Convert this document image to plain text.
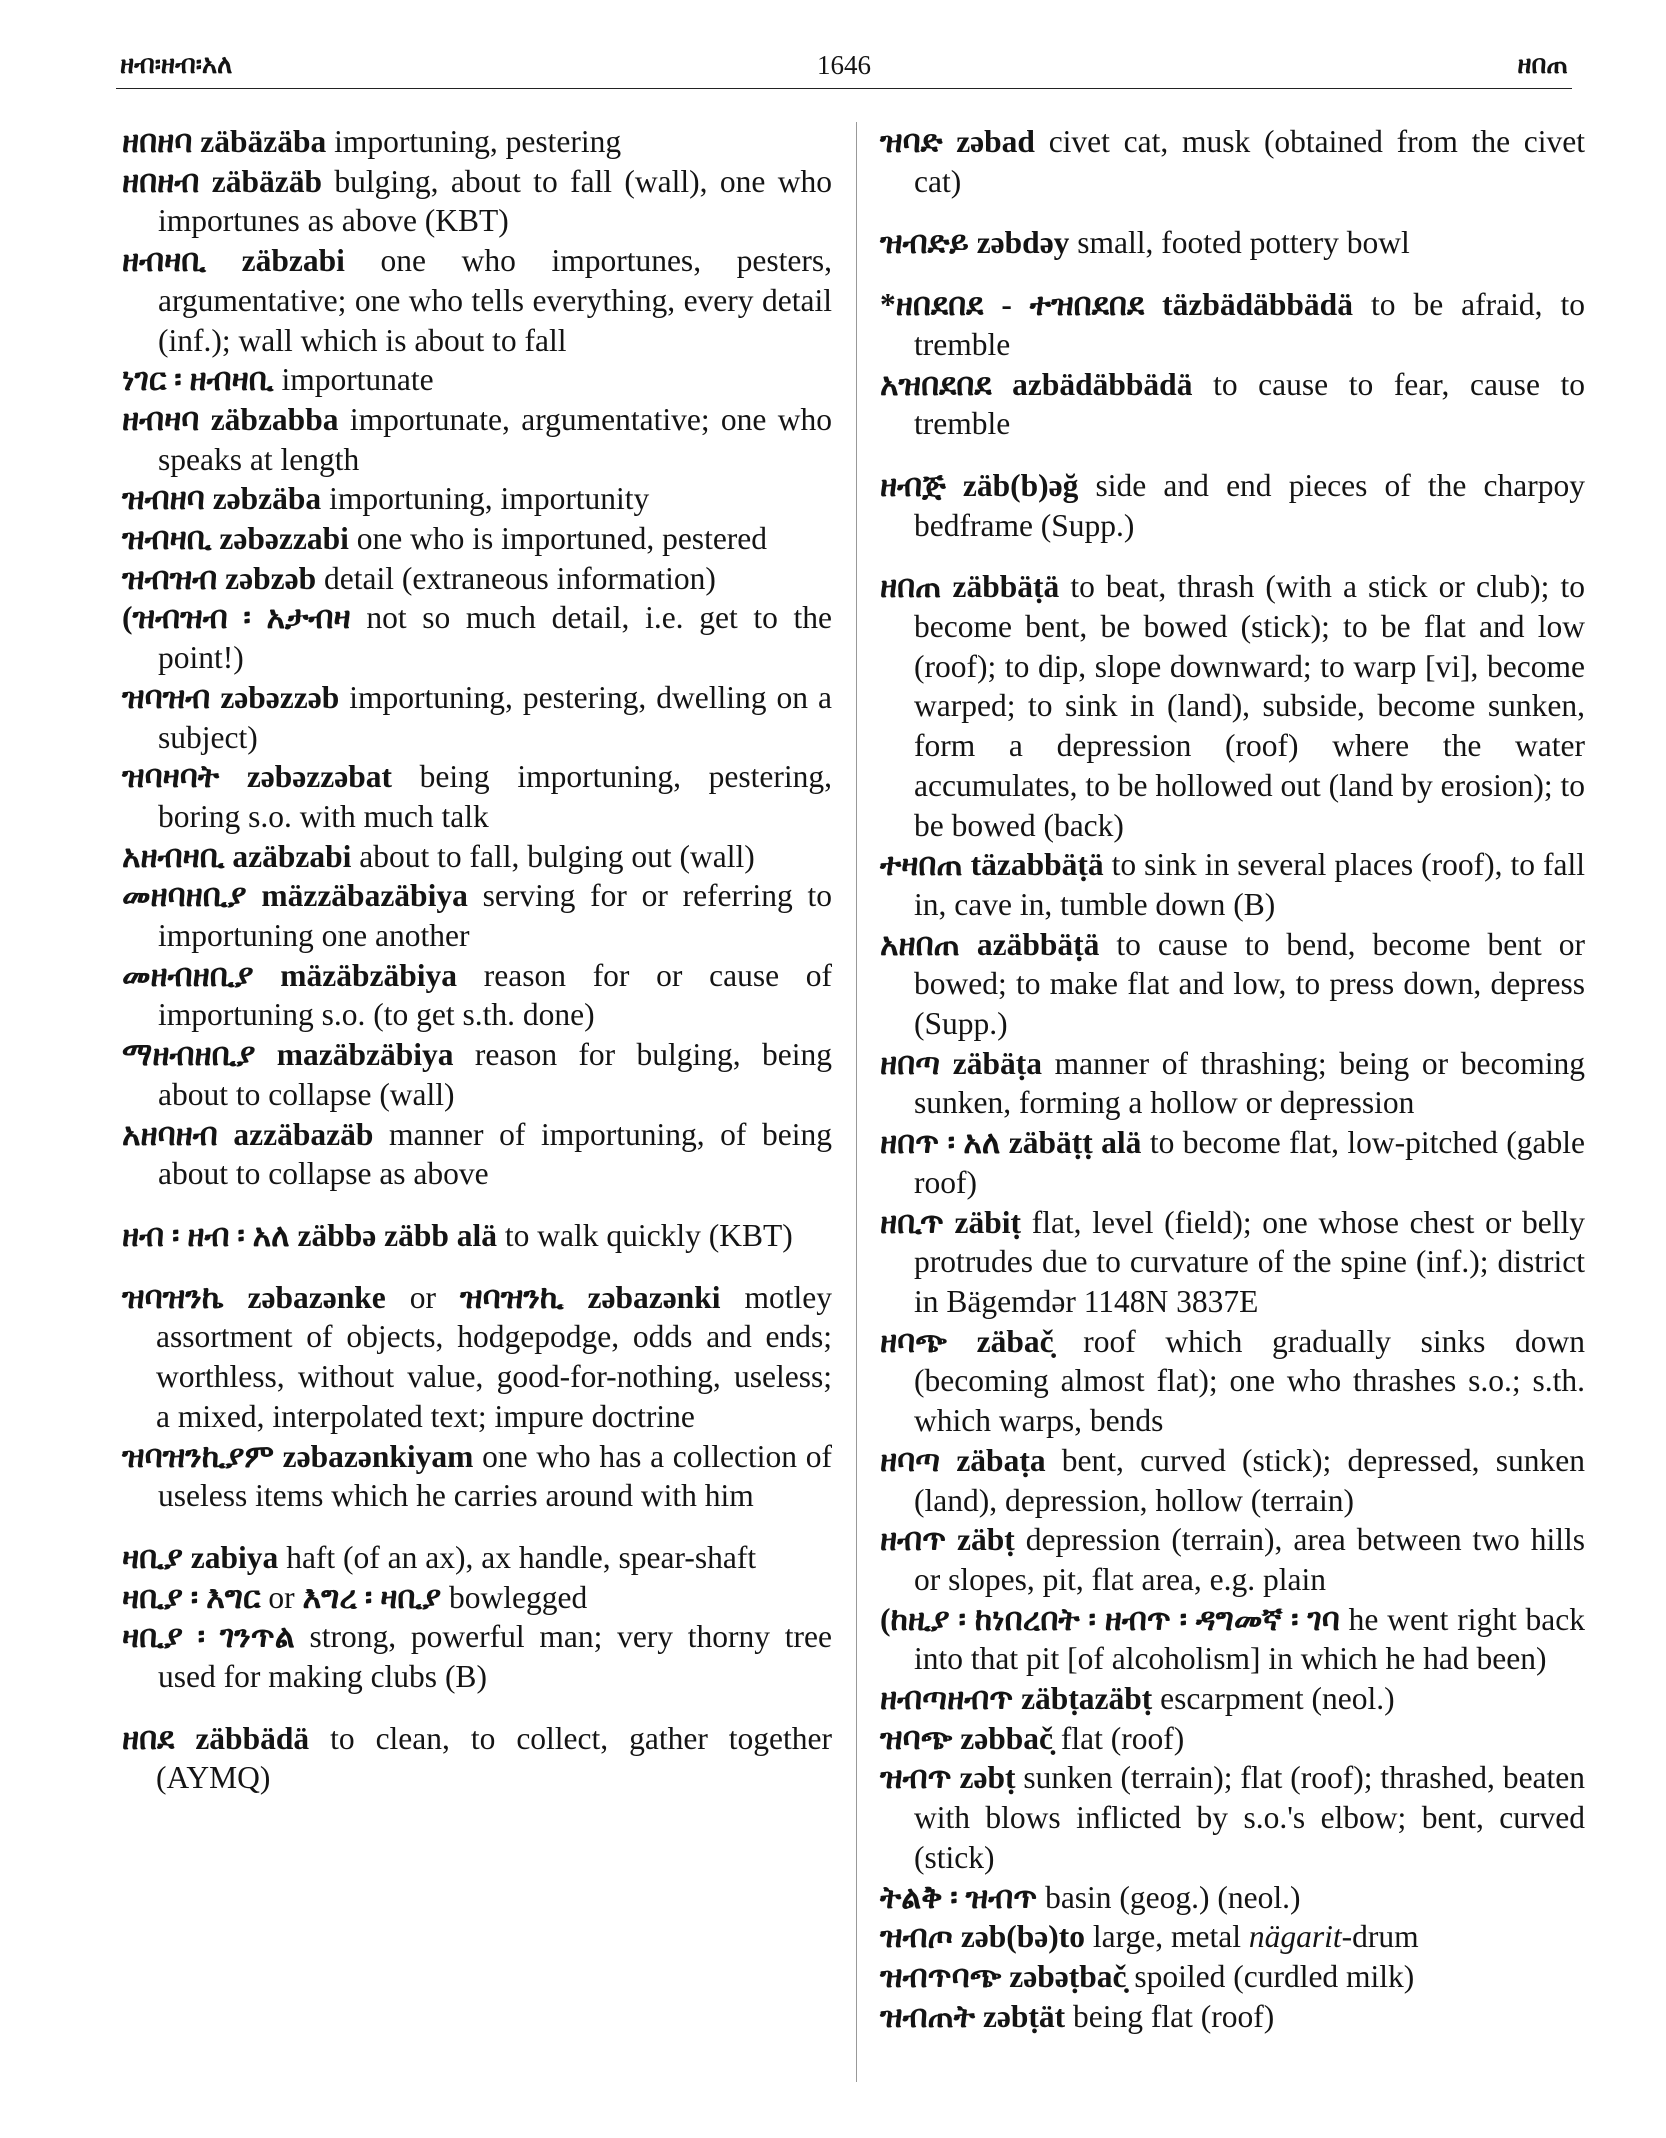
ዘብ፡ዘብ፡አለ	1646	ዘበጠ

ዘበዘባ zäbäzäba importuning, pestering

ዘበዘብ zäbäzäb bulging, about to fall (wall), one who importunes as above (KBT)

ዘብዛቢ zäbzabi one who importunes, pesters, argumentative; one who tells everything, every detail (inf.); wall which is about to fall

ነገር ፡ ዘብዛቢ importunate

ዘብዛባ zäbzabba importunate, argumentative; one who speaks at length

ዝብዘባ zəbzäba importuning, importunity

ዝብዛቢ zəbəzzabi one who is importuned, pestered

ዝብዝብ zəbzəb detail (extraneous information)

(ዝብዝብ ፡ አታብዛ not so much detail, i.e. get to the point!)

ዝባዝብ zəbəzzəb importuning, pestering, dwelling on a subject)

ዝባዛባት zəbəzzəbat being importuning, pestering, boring s.o. with much talk

አዘብዛቢ azäbzabi about to fall, bulging out (wall)

መዘባዘቢያ mäzzäbazäbiya serving for or referring to importuning one another

መዘብዘቢያ mäzäbzäbiya reason for or cause of importuning s.o. (to get s.th. done)

ማዘብዘቢያ mazäbzäbiya reason for bulging, being about to collapse (wall)

አዘባዘብ azzäbazäb manner of importuning, of being about to collapse as above

ዘብ ፡ ዘብ ፡ አለ zäbbə zäbb alä to walk quickly (KBT)

ዝባዝንኬ zəbazənke or ዝባዝንኪ zəbazənki motley assortment of objects, hodgepodge, odds and ends; worthless, without value, good-for-nothing, useless; a mixed, interpolated text; impure doctrine

ዝባዝንኪያም zəbazənkiyam one who has a collection of useless items which he carries around with him

ዛቢያ zabiya haft (of an ax), ax handle, spear-shaft

ዛቢያ ፡ እግር or እግረ ፡ ዛቢያ bowlegged

ዛቢያ ፡ ገንጥል strong, powerful man; very thorny tree used for making clubs (B)

ዘበደ zäbbädä to clean, to collect, gather together (AYMQ)

ዝባድ zəbad civet cat, musk (obtained from the civet cat)

ዝብድይ zəbdəy small, footed pottery bowl

*ዘበደበደ - ተዝበደበደ täzbädäbbädä to be afraid, to tremble

አዝበደበደ azbädäbbädä to cause to fear, cause to tremble

ዘብጅ zäb(b)əğ side and end pieces of the charpoy bedframe (Supp.)

ዘበጠ zäbbäṭä to beat, thrash (with a stick or club); to become bent, be bowed (stick); to be flat and low (roof); to dip, slope downward; to warp [vi], become warped; to sink in (land), subside, become sunken, form a depression (roof) where the water accumulates, to be hollowed out (land by erosion); to be bowed (back)

ተዛበጠ täzabbäṭä to sink in several places (roof), to fall in, cave in, tumble down (B)

አዘበጠ azäbbäṭä to cause to bend, become bent or bowed; to make flat and low, to press down, depress (Supp.)

ዘበጣ zäbäṭa manner of thrashing; being or becoming sunken, forming a hollow or depression

ዘበጥ ፡ አለ zäbäṭṭ alä to become flat, low-pitched (gable roof)

ዘቢጥ zäbiṭ flat, level (field); one whose chest or belly protrudes due to curvature of the spine (inf.); district in Bägemdər 1148N 3837E

ዘባጭ zäbač̣ roof which gradually sinks down (becoming almost flat); one who thrashes s.o.; s.th. which warps, bends

ዘባጣ zäbaṭa bent, curved (stick); depressed, sunken (land), depression, hollow (terrain)

ዘብጥ zäbṭ depression (terrain), area between two hills or slopes, pit, flat area, e.g. plain

(ከዚያ ፡ ከነበረበት ፡ ዘብጥ ፡ ዳግመኛ ፡ ገባ he went right back into that pit [of alcoholism] in which he had been)

ዘብጣዘብጥ zäbṭazäbṭ escarpment (neol.)

ዝባጭ zəbbač̣ flat (roof)

ዝብጥ zəbṭ sunken (terrain); flat (roof); thrashed, beaten with blows inflicted by s.o.'s elbow; bent, curved (stick)

ትልቅ ፡ ዝብጥ basin (geog.) (neol.)

ዝብጦ zəb(bə)to large, metal nägarit-drum

ዝብጥባጭ zəbəṭbač̣ spoiled (curdled milk)

ዝብጠት zəbṭät being flat (roof)
